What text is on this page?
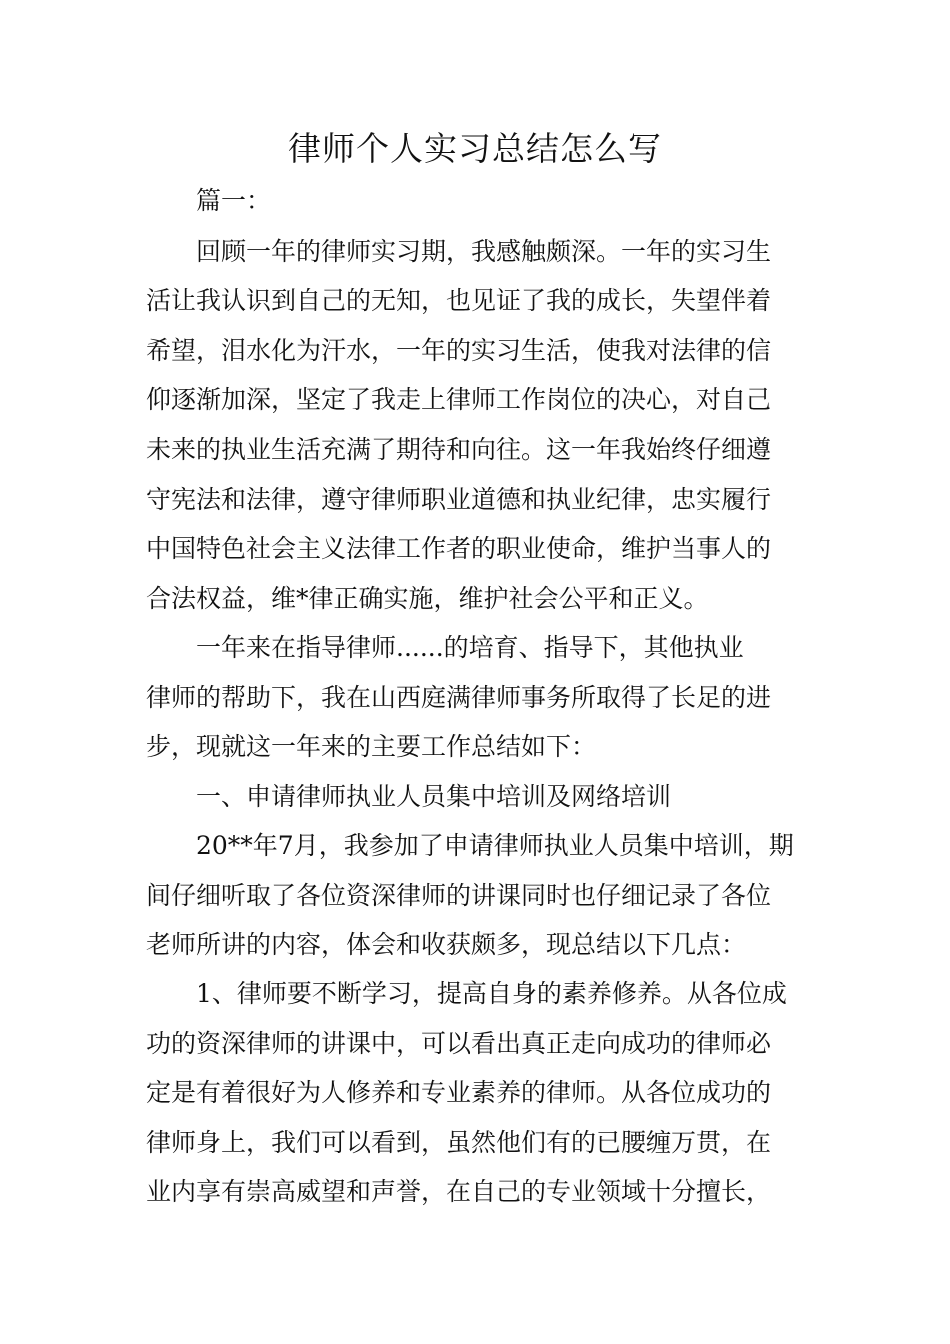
律师个人实习总结怎么写
篇一：
回顾一年的律师实习期，我感触颇深。一年的实习生
活让我认识到自己的无知，也见证了我的成长，失望伴着
希望，泪水化为汗水，一年的实习生活，使我对法律的信
仰逐渐加深，坚定了我走上律师工作岗位的决心，对自己
未来的执业生活充满了期待和向往。这一年我始终仔细遵
守宪法和法律，遵守律师职业道德和执业纪律，忠实履行
中国特色社会主义法律工作者的职业使命，维护当事人的
合法权益，维*律正确实施，维护社会公平和正义。
一年来在指导律师......的培育、指导下，其他执业
律师的帮助下，我在山西庭满律师事务所取得了长足的进
步，现就这一年来的主要工作总结如下：
一、申请律师执业人员集中培训及网络培训
20**年7月，我参加了申请律师执业人员集中培训，期
间仔细听取了各位资深律师的讲课同时也仔细记录了各位
老师所讲的内容，体会和收获颇多，现总结以下几点：
1、律师要不断学习，提高自身的素养修养。从各位成
功的资深律师的讲课中，可以看出真正走向成功的律师必
定是有着很好为人修养和专业素养的律师。从各位成功的
律师身上，我们可以看到，虽然他们有的已腰缠万贯，在
业内享有崇高威望和声誉，在自己的专业领域十分擅长，
